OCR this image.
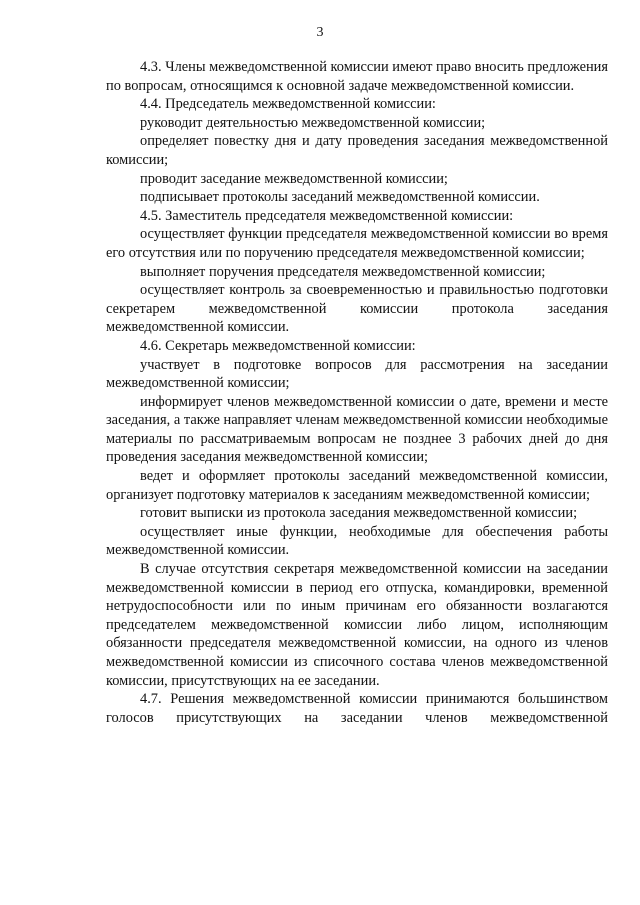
3

4.3. Члены межведомственной комиссии имеют право вносить предложения по вопросам, относящимся к основной задаче межведомственной комиссии.

4.4. Председатель межведомственной комиссии:

руководит деятельностью межведомственной комиссии;

определяет повестку дня и дату проведения заседания межведомственной комиссии;

проводит заседание межведомственной комиссии;

подписывает протоколы заседаний межведомственной комиссии.

4.5. Заместитель председателя межведомственной комиссии:

осуществляет функции председателя межведомственной комиссии во время его отсутствия или по поручению председателя межведомственной комиссии;

выполняет поручения председателя межведомственной комиссии;

осуществляет контроль за своевременностью и правильностью подготовки секретарем межведомственной комиссии протокола заседания межведомственной комиссии.

4.6. Секретарь межведомственной комиссии:

участвует в подготовке вопросов для рассмотрения на заседании межведомственной комиссии;

информирует членов межведомственной комиссии о дате, времени и месте заседания, а также направляет членам межведомственной комиссии необходимые материалы по рассматриваемым вопросам не позднее 3 рабочих дней до дня проведения заседания межведомственной комиссии;

ведет и оформляет протоколы заседаний межведомственной комиссии, организует подготовку материалов к заседаниям межведомственной комиссии;

готовит выписки из протокола заседания межведомственной комиссии;

осуществляет иные функции, необходимые для обеспечения работы межведомственной комиссии.

В случае отсутствия секретаря межведомственной комиссии на заседании межведомственной комиссии в период его отпуска, командировки, временной нетрудоспособности или по иным причинам его обязанности возлагаются председателем межведомственной комиссии либо лицом, исполняющим обязанности председателя межведомственной комиссии, на одного из членов межведомственной комиссии из списочного состава членов межведомственной комиссии, присутствующих на ее заседании.

4.7. Решения межведомственной комиссии принимаются большинством голосов присутствующих на заседании членов межведомственной
